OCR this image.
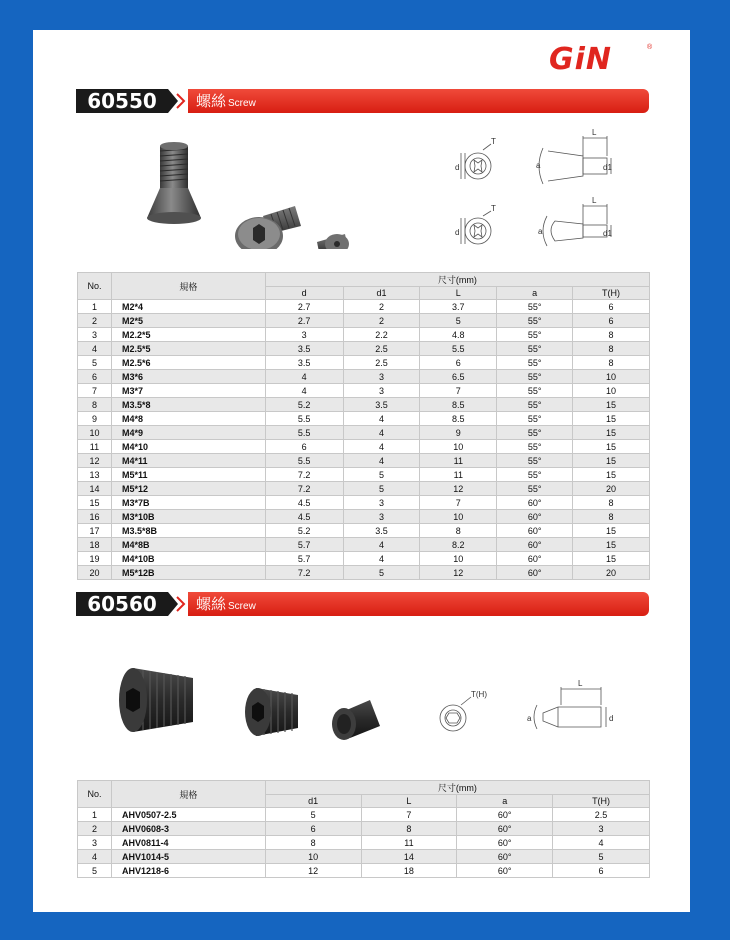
GiN	®
60550	螺絲 Screw
d
T
L
a	d1
d
T
L
a	d1
No.	規格	尺寸(mm)				
		d	d1	L	a	T(H)
1	M2*4	2.7	2	3.7	55°	6
2	M2*5	2.7	2	5	55°	6
3	M2.2*5	3	2.2	4.8	55°	8
4	M2.5*5	3.5	2.5	5.5	55°	8
5	M2.5*6	3.5	2.5	6	55°	8
6	M3*6	4	3	6.5	55°	10
7	M3*7	4	3	7	55°	10
8	M3.5*8	5.2	3.5	8.5	55°	15
9	M4*8	5.5	4	8.5	55°	15
10	M4*9	5.5	4	9	55°	15
11	M4*10	6	4	10	55°	15
12	M4*11	5.5	4	11	55°	15
13	M5*11	7.2	5	11	55°	15
14	M5*12	7.2	5	12	55°	20
15	M3*7B	4.5	3	7	60°	8
16	M3*10B	4.5	3	10	60°	8
17	M3.5*8B	5.2	3.5	8	60°	15
18	M4*8B	5.7	4	8.2	60°	15
19	M4*10B	5.7	4	10	60°	15
20	M5*12B	7.2	5	12	60°	20
60560	螺絲 Screw
T(H)
L
a	d
No.	規格	尺寸(mm)			
		d1	L	a	T(H)
1	AHV0507-2.5	5	7	60°	2.5
2	AHV0608-3	6	8	60°	3
3	AHV0811-4	8	11	60°	4
4	AHV1014-5	10	14	60°	5
5	AHV1218-6	12	18	60°	6
